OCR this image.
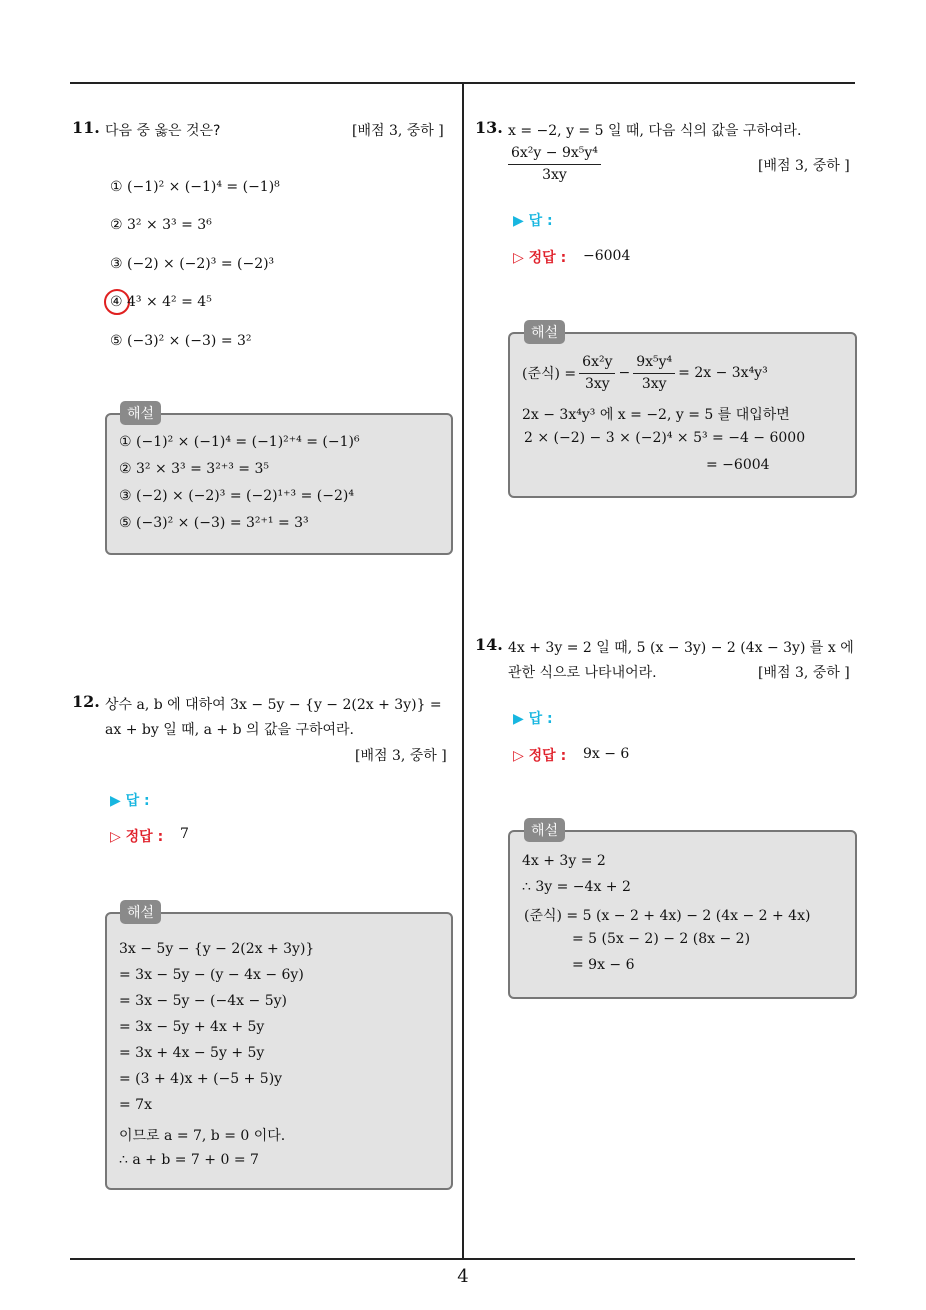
11. 다음 중 옳은 것은?	[배점 3, 중하 ]
① (−1)² × (−1)⁴ = (−1)⁸
② 3² × 3³ = 3⁶
③ (−2) × (−2)³ = (−2)³
④ 4³ × 4² = 4⁵
⑤ (−3)² × (−3) = 3²
① (−1)² × (−1)⁴ = (−1)²⁺⁴ = (−1)⁶
② 3² × 3³ = 3²⁺³ = 3⁵
③ (−2) × (−2)³ = (−2)¹⁺³ = (−2)⁴
⑤ (−3)² × (−3) = 3²⁺¹ = 3³
해설
12. 상수 a, b 에 대하여 3x − 5y − {y − 2(2x + 3y)} =
ax + by 일 때, a + b 의 값을 구하여라.
[배점 3, 중하 ]
▶ 답 :
▷ 정답 : 7
3x − 5y − {y − 2(2x + 3y)}
= 3x − 5y − (y − 4x − 6y)
= 3x − 5y − (−4x − 5y)
= 3x − 5y + 4x + 5y
= 3x + 4x − 5y + 5y
= (3 + 4)x + (−5 + 5)y
= 7x
이므로 a = 7, b = 0 이다.
∴ a + b = 7 + 0 = 7
해설
13. x = −2, y = 5 일 때, 다음 식의 값을 구하여라.
$\frac{\text{6x²y − 9x⁵y⁴}}{3xy}$	[배점 3, 중하 ]
▶ 답 :
▷ 정답 : −6004
(준식) = $\frac{\text{6x²y}}{3xy} - \frac{\text{9x⁵y⁴}}{3xy} = 2x - 3x^4y^3$
2x − 3x⁴y³ 에 x = −2, y = 5 를 대입하면
2 × (−2) − 3 × (−2)⁴ × 5³ = −4 − 6000
= −6004
해설
14. 4x + 3y = 2 일 때, 5 (x − 3y) − 2 (4x − 3y) 를 x 에
관한 식으로 나타내어라.	[배점 3, 중하 ]
▶ 답 :
▷ 정답 : 9x − 6
4x + 3y = 2
∴ 3y = −4x + 2
(준식) = 5 (x − 2 + 4x) − 2 (4x − 2 + 4x)
= 5 (5x − 2) − 2 (8x − 2)
= 9x − 6
해설
4
